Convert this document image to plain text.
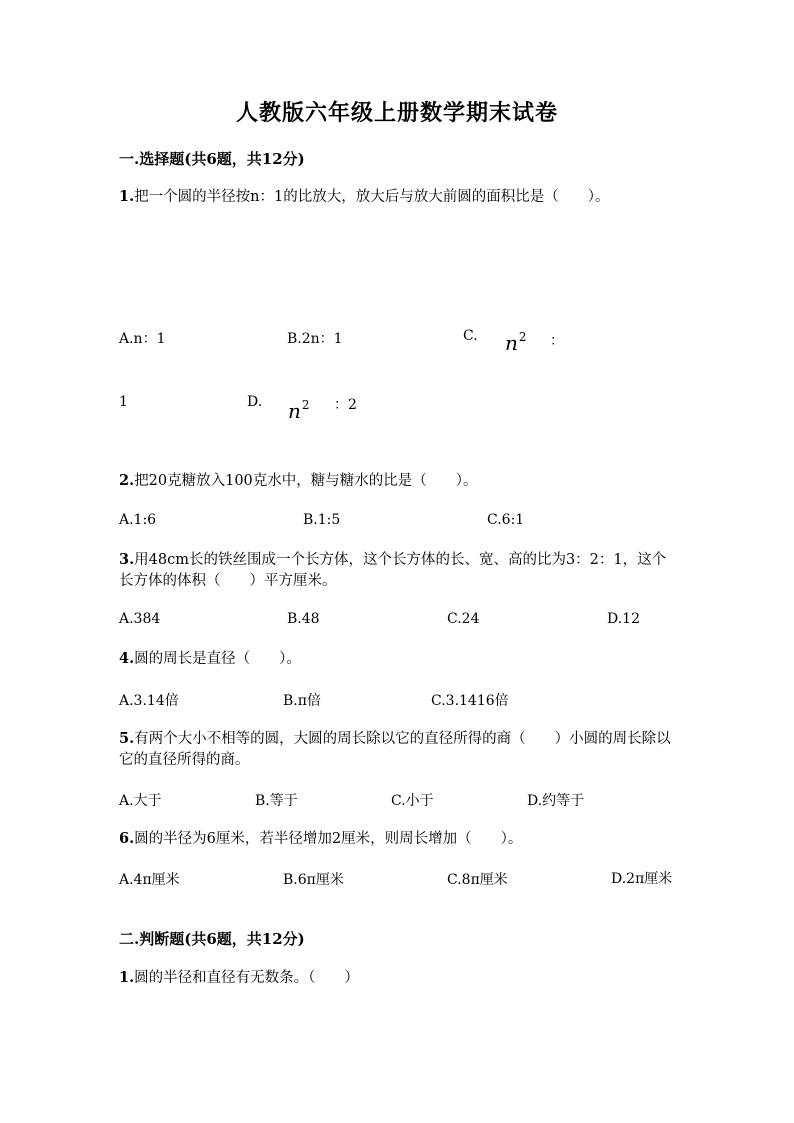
人教版六年级上册数学期末试卷
一.选择题(共6题，共12分)
1.把一个圆的半径按n：1的比放大，放大后与放大前圆的面积比是（　　）。
A.n：1	B.2n：1	C. $n^2$ ：
1	D. $n^2$ ：2
2.把20克糖放入100克水中，糖与糖水的比是（　　）。
A.1:6	B.1:5	C.6:1
3.用48cm长的铁丝围成一个长方体，这个长方体的长、宽、高的比为3：2：1，这个长方体的体积（　　）平方厘米。
A.384	B.48	C.24	D.12
4.圆的周长是直径（　　）。
A.3.14倍	B.π倍	C.3.1416倍
5.有两个大小不相等的圆，大圆的周长除以它的直径所得的商（　　）小圆的周长除以它的直径所得的商。
A.大于	B.等于	C.小于	D.约等于
6.圆的半径为6厘米，若半径增加2厘米，则周长增加（　　）。
A.4π厘米	B.6π厘米	C.8π厘米	D.2π厘米
二.判断题(共6题，共12分)
1.圆的半径和直径有无数条。（　　）
